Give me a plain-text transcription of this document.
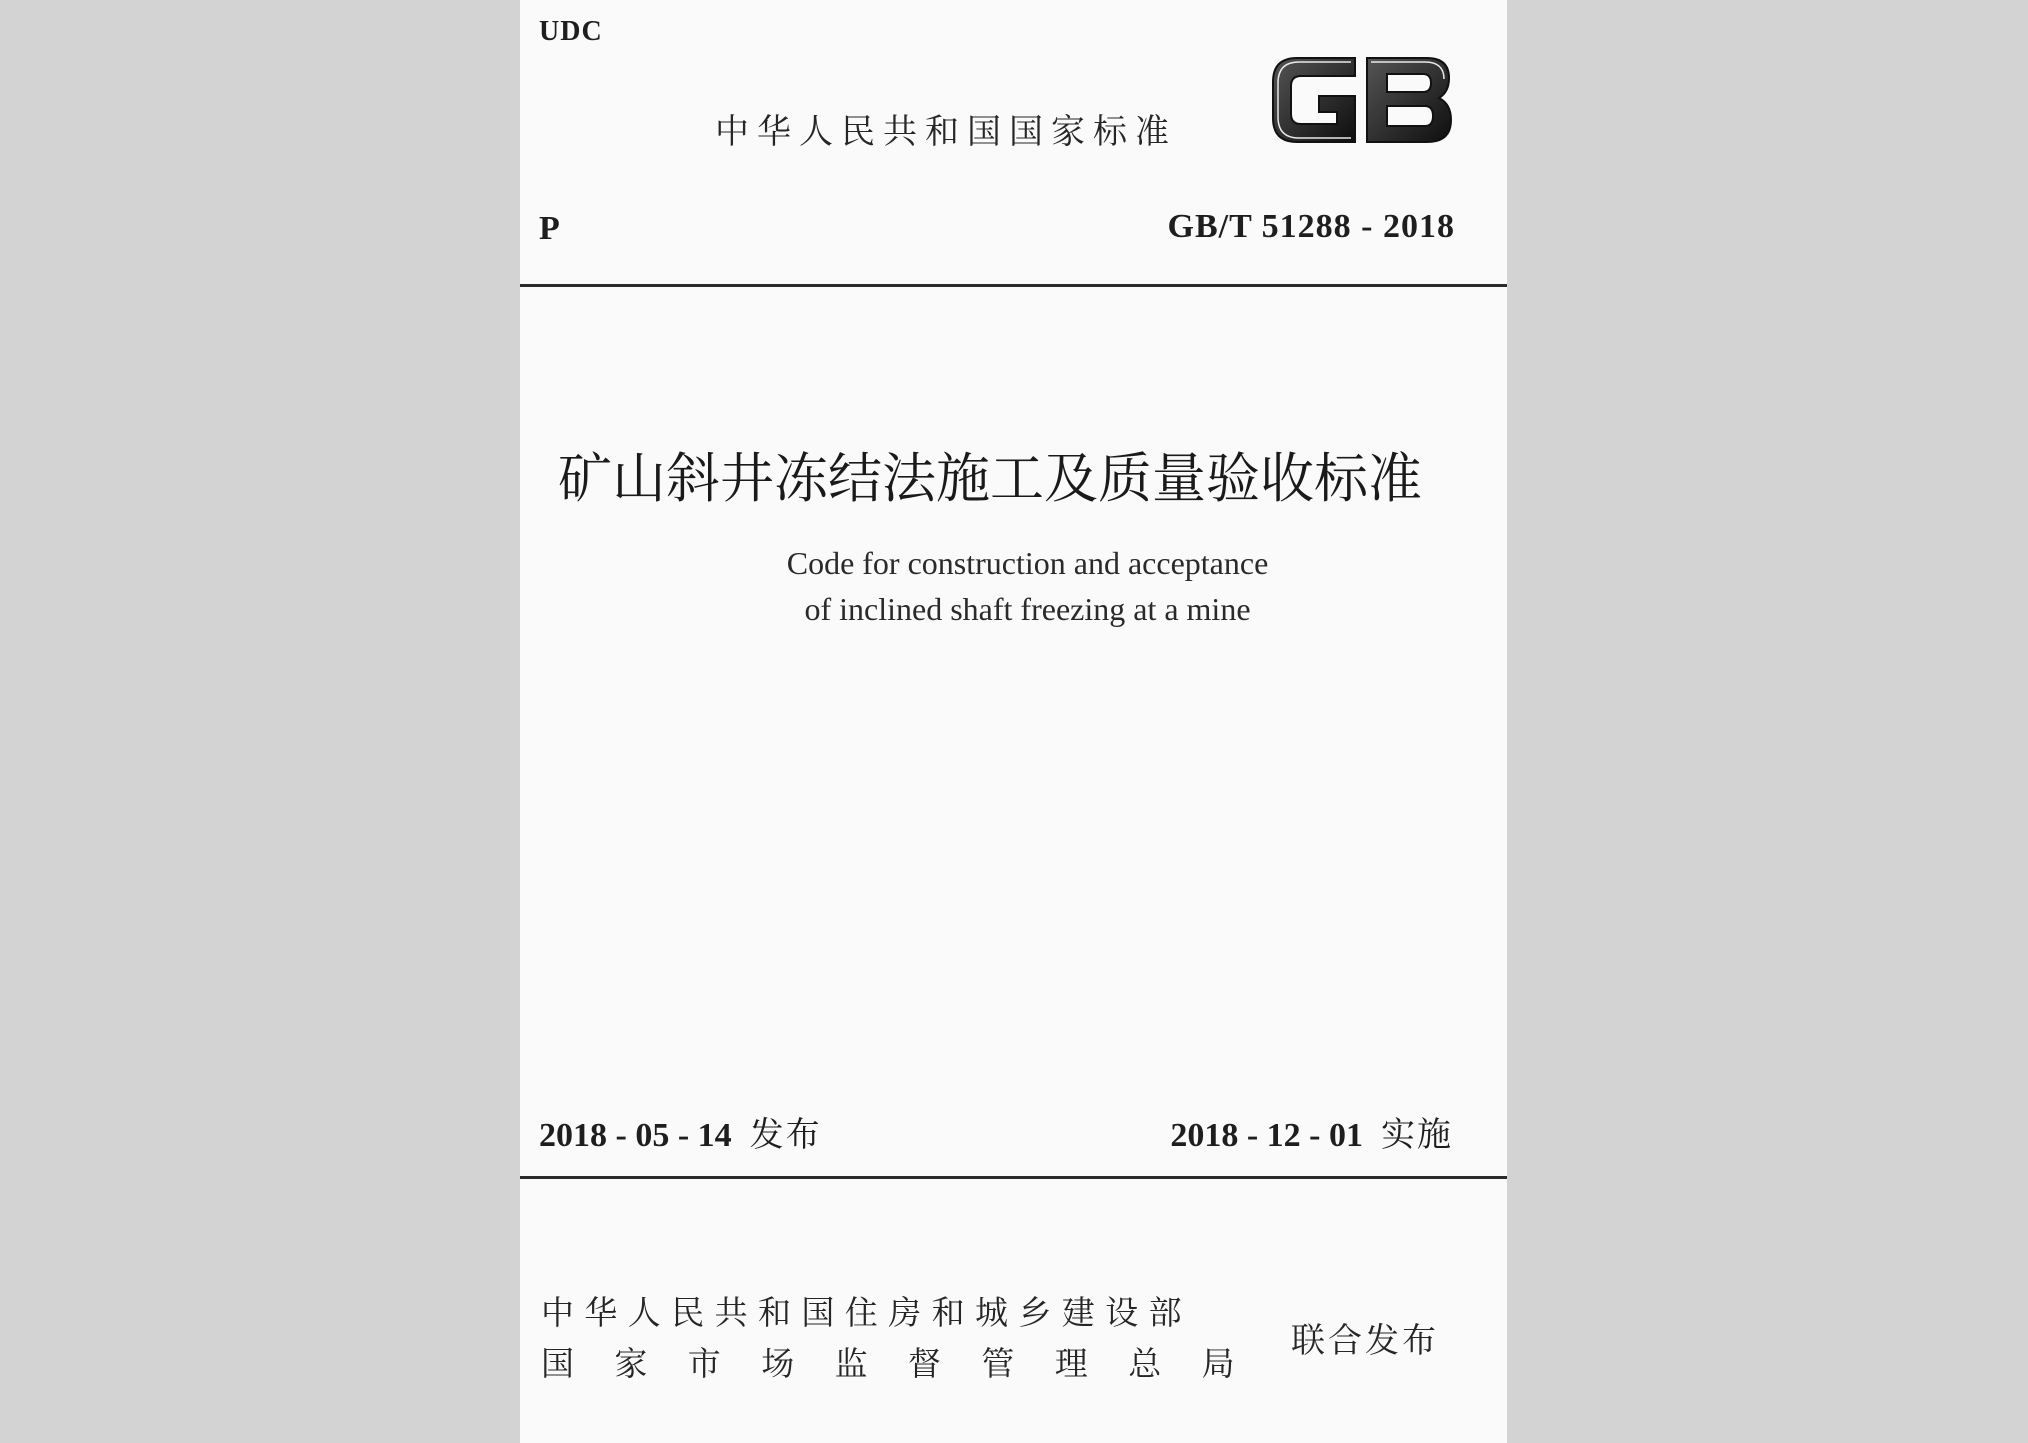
UDC
中华人民共和国国家标准
P	GB/T 51288 - 2018
矿山斜井冻结法施工及质量验收标准
Code for construction and acceptance
of inclined shaft freezing at a mine
2018 - 05 - 14 发布	2018 - 12 - 01 实施
中华人民共和国住房和城乡建设部
国家市场监督管理总局
联合发布
